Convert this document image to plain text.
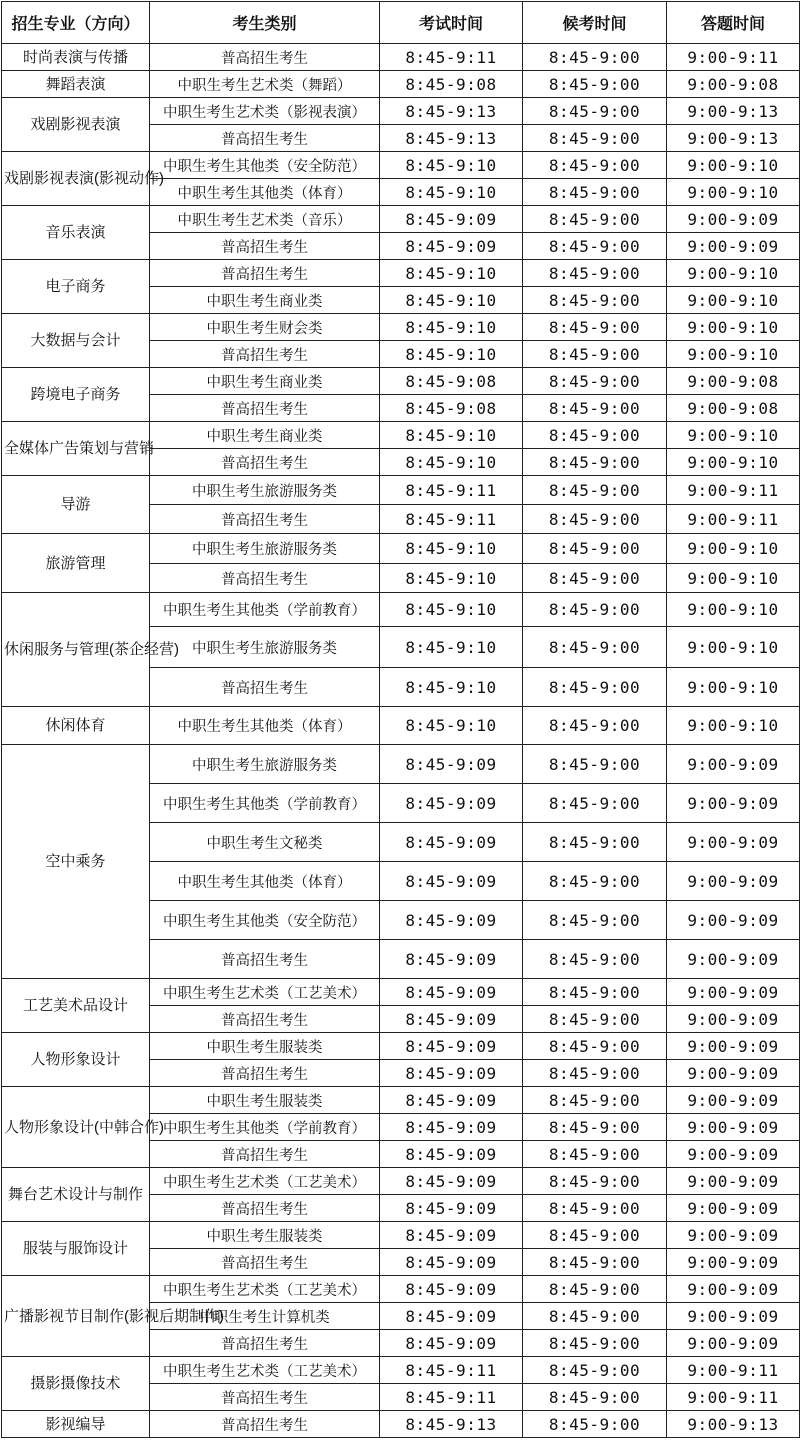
招生专业（方向）	考生类别	考试时间	候考时间	答题时间
时尚表演与传播	普高招生考生	8:45-9:11	8:45-9:00	9:00-9:11
舞蹈表演	中职生考生艺术类（舞蹈）	8:45-9:08	8:45-9:00	9:00-9:08
戏剧影视表演	中职生考生艺术类（影视表演）	8:45-9:13	8:45-9:00	9:00-9:13
	普高招生考生	8:45-9:13	8:45-9:00	9:00-9:13
戏剧影视表演(影视动作)	中职生考生其他类（安全防范）	8:45-9:10	8:45-9:00	9:00-9:10
	中职生考生其他类（体育）	8:45-9:10	8:45-9:00	9:00-9:10
音乐表演	中职生考生艺术类（音乐）	8:45-9:09	8:45-9:00	9:00-9:09
	普高招生考生	8:45-9:09	8:45-9:00	9:00-9:09
电子商务	普高招生考生	8:45-9:10	8:45-9:00	9:00-9:10
	中职生考生商业类	8:45-9:10	8:45-9:00	9:00-9:10
大数据与会计	中职生考生财会类	8:45-9:10	8:45-9:00	9:00-9:10
	普高招生考生	8:45-9:10	8:45-9:00	9:00-9:10
跨境电子商务	中职生考生商业类	8:45-9:08	8:45-9:00	9:00-9:08
	普高招生考生	8:45-9:08	8:45-9:00	9:00-9:08
全媒体广告策划与营销	中职生考生商业类	8:45-9:10	8:45-9:00	9:00-9:10
	普高招生考生	8:45-9:10	8:45-9:00	9:00-9:10
导游	中职生考生旅游服务类	8:45-9:11	8:45-9:00	9:00-9:11
	普高招生考生	8:45-9:11	8:45-9:00	9:00-9:11
旅游管理	中职生考生旅游服务类	8:45-9:10	8:45-9:00	9:00-9:10
	普高招生考生	8:45-9:10	8:45-9:00	9:00-9:10
休闲服务与管理(茶企经营)	中职生考生其他类（学前教育）	8:45-9:10	8:45-9:00	9:00-9:10
	中职生考生旅游服务类	8:45-9:10	8:45-9:00	9:00-9:10
	普高招生考生	8:45-9:10	8:45-9:00	9:00-9:10
休闲体育	中职生考生其他类（体育）	8:45-9:10	8:45-9:00	9:00-9:10
空中乘务	中职生考生旅游服务类	8:45-9:09	8:45-9:00	9:00-9:09
	中职生考生其他类（学前教育）	8:45-9:09	8:45-9:00	9:00-9:09
	中职生考生文秘类	8:45-9:09	8:45-9:00	9:00-9:09
	中职生考生其他类（体育）	8:45-9:09	8:45-9:00	9:00-9:09
	中职生考生其他类（安全防范）	8:45-9:09	8:45-9:00	9:00-9:09
	普高招生考生	8:45-9:09	8:45-9:00	9:00-9:09
工艺美术品设计	中职生考生艺术类（工艺美术）	8:45-9:09	8:45-9:00	9:00-9:09
	普高招生考生	8:45-9:09	8:45-9:00	9:00-9:09
人物形象设计	中职生考生服装类	8:45-9:09	8:45-9:00	9:00-9:09
	普高招生考生	8:45-9:09	8:45-9:00	9:00-9:09
人物形象设计(中韩合作)	中职生考生服装类	8:45-9:09	8:45-9:00	9:00-9:09
	中职生考生其他类（学前教育）	8:45-9:09	8:45-9:00	9:00-9:09
	普高招生考生	8:45-9:09	8:45-9:00	9:00-9:09
舞台艺术设计与制作	中职生考生艺术类（工艺美术）	8:45-9:09	8:45-9:00	9:00-9:09
	普高招生考生	8:45-9:09	8:45-9:00	9:00-9:09
服装与服饰设计	中职生考生服装类	8:45-9:09	8:45-9:00	9:00-9:09
	普高招生考生	8:45-9:09	8:45-9:00	9:00-9:09
广播影视节目制作(影视后期制作)	中职生考生艺术类（工艺美术）	8:45-9:09	8:45-9:00	9:00-9:09
	中职生考生计算机类	8:45-9:09	8:45-9:00	9:00-9:09
	普高招生考生	8:45-9:09	8:45-9:00	9:00-9:09
摄影摄像技术	中职生考生艺术类（工艺美术）	8:45-9:11	8:45-9:00	9:00-9:11
	普高招生考生	8:45-9:11	8:45-9:00	9:00-9:11
影视编导	普高招生考生	8:45-9:13	8:45-9:00	9:00-9:13
